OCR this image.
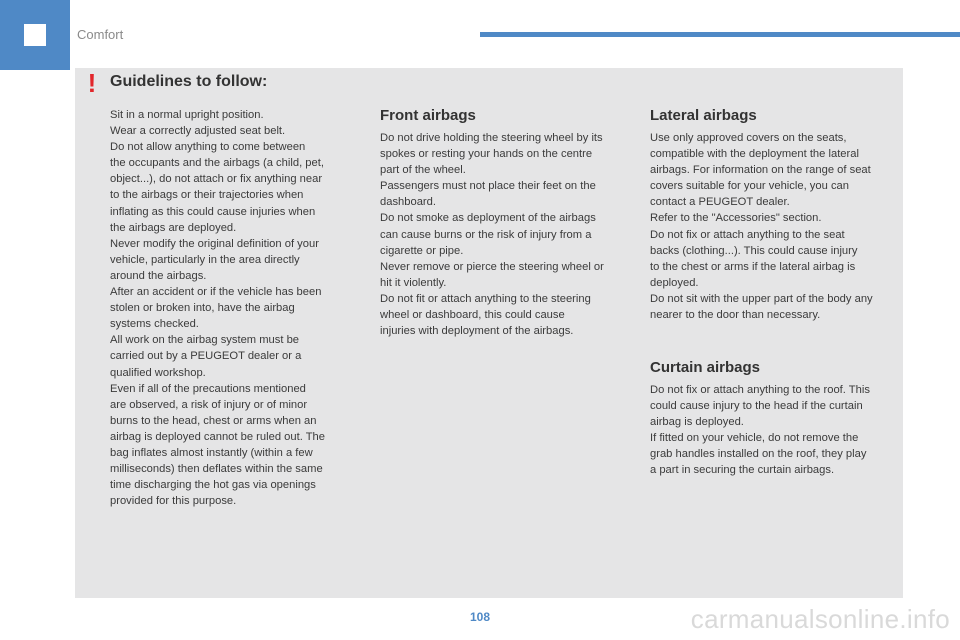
Comfort
! Guidelines to follow:
Sit in a normal upright position.
Wear a correctly adjusted seat belt.
Do not allow anything to come between
the occupants and the airbags (a child, pet,
object...), do not attach or fix anything near
to the airbags or their trajectories when
inflating as this could cause injuries when
the airbags are deployed.
Never modify the original definition of your
vehicle, particularly in the area directly
around the airbags.
After an accident or if the vehicle has been
stolen or broken into, have the airbag
systems checked.
All work on the airbag system must be
carried out by a PEUGEOT dealer or a
qualified workshop.
Even if all of the precautions mentioned
are observed, a risk of injury or of minor
burns to the head, chest or arms when an
airbag is deployed cannot be ruled out. The
bag inflates almost instantly (within a few
milliseconds) then deflates within the same
time discharging the hot gas via openings
provided for this purpose.
Front airbags
Do not drive holding the steering wheel by its
spokes or resting your hands on the centre
part of the wheel.
Passengers must not place their feet on the
dashboard.
Do not smoke as deployment of the airbags
can cause burns or the risk of injury from a
cigarette or pipe.
Never remove or pierce the steering wheel or
hit it violently.
Do not fit or attach anything to the steering
wheel or dashboard, this could cause
injuries with deployment of the airbags.
Lateral airbags
Use only approved covers on the seats,
compatible with the deployment the lateral
airbags. For information on the range of seat
covers suitable for your vehicle, you can
contact a PEUGEOT dealer.
Refer to the "Accessories" section.
Do not fix or attach anything to the seat
backs (clothing...). This could cause injury
to the chest or arms if the lateral airbag is
deployed.
Do not sit with the upper part of the body any
nearer to the door than necessary.
Curtain airbags
Do not fix or attach anything to the roof. This
could cause injury to the head if the curtain
airbag is deployed.
If fitted on your vehicle, do not remove the
grab handles installed on the roof, they play
a part in securing the curtain airbags.
108	carmanualsonline.info
